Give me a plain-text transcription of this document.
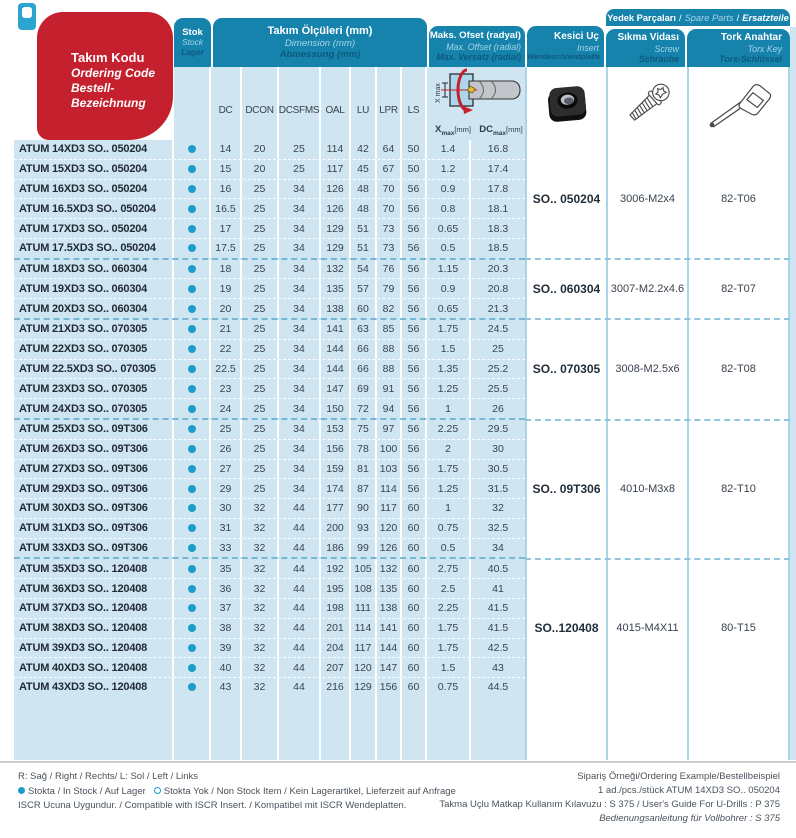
Yedek Parçaları / Spare Parts / Ersatzteile
Stok
Stock
Lager
Takım Ölçüleri (mm)
Dimension (mm)
Abmessung (mm)
Maks. Ofset (radyal)
Max. Offset (radial)
Max. Versatz (radial)
Kesici Uç
Insert
Wendeschneidplatte
Sıkma Vidası
Screw
Schraube
Tork Anahtar
Torx Key
Torx-Schlüssel
Takım Kodu
Ordering Code
Bestell-Bezeichnung
DC	DCON DCSFMS OAL	LU	LPR LS
X max
$X_{max}[mm]$ $DC_{max}[mm]$
ATUM 14XD3 SO.. 050204	14	20	25	114	42	64	50	1.4	16.8
ATUM 15XD3 SO.. 050204	15	20	25	117	45	67	50	1.2	17.4
ATUM 16XD3 SO.. 050204	16	25	34	126	48	70	56	0.9	17.8
ATUM 16.5XD3 SO.. 050204	16.5	25	34	126	48	70	56	0.8	18.1
ATUM 17XD3 SO.. 050204	17	25	34	129	51	73	56	0.65	18.3
ATUM 17.5XD3 SO.. 050204	17.5	25	34	129	51	73	56	0.5	18.5
ATUM 18XD3 SO.. 060304	18	25	34	132	54	76	56	1.15	20.3
ATUM 19XD3 SO.. 060304	19	25	34	135	57	79	56	0.9	20.8
ATUM 20XD3 SO.. 060304	20	25	34	138	60	82	56	0.65	21.3
ATUM 21XD3 SO.. 070305	21	25	34	141	63	85	56	1.75	24.5
ATUM 22XD3 SO.. 070305	22	25	34	144	66	88	56	1.5	25
ATUM 22.5XD3 SO.. 070305	22.5	25	34	144	66	88	56	1.35	25.2
ATUM 23XD3 SO.. 070305	23	25	34	147	69	91	56	1.25	25.5
ATUM 24XD3 SO.. 070305	24	25	34	150	72	94	56	1	26
ATUM 25XD3 SO.. 09T306	25	25	34	153	75	97	56	2.25	29.5
ATUM 26XD3 SO.. 09T306	26	25	34	156	78	100 56	2	30
ATUM 27XD3 SO.. 09T306	27	25	34	159	81	103 56	1.75	30.5
ATUM 29XD3 SO.. 09T306	29	25	34	174	87	114	56	1.25	31.5
ATUM 30XD3 SO.. 09T306	30	32	44	177	90	117	60	1	32
ATUM 31XD3 SO.. 09T306	31	32	44	200	93	120 60	0.75	32.5
ATUM 33XD3 SO.. 09T306	33	32	44	186	99	126 60	0.5	34
ATUM 35XD3 SO.. 120408	35	32	44	192 105 132 60	2.75	40.5
ATUM 36XD3 SO.. 120408	36	32	44	195 108 135 60	2.5	41
ATUM 37XD3 SO.. 120408	37	32	44	198	111 138 60	2.25	41.5
ATUM 38XD3 SO.. 120408	38	32	44	201	114 141 60	1.75	41.5
ATUM 39XD3 SO.. 120408	39	32	44	204	117 144 60	1.75	42.5
ATUM 40XD3 SO.. 120408	40	32	44	207 120 147 60	1.5	43
ATUM 43XD3 SO.. 120408	43	32	44	216 129 156 60	0.75	44.5
SO.. 050204	3006-M2x4	82-T06
SO.. 060304 3007-M2.2x4.6	82-T07
SO.. 070305	3008-M2.5x6	82-T08
SO.. 09T306	4010-M3x8	82-T10
SO..120408	4015-M4X11	80-T15
R: Sağ / Right / Rechts/ L: Sol / Left / Links
Stokta / In Stock / Auf Lager Stokta Yok / Non Stock Item / Kein Lagerartikel, Lieferzeit auf Anfrage
ISCR Ucuna Uygundur. / Compatible with ISCR Insert. / Kompatibel mit ISCR Wendeplatten.
Sipariş Örneği/Ordering Example/Bestellbeispiel
1 ad./pcs./stück ATUM 14XD3 SO.. 050204
Takma Uçlu Matkap Kullanım Kılavuzu : S 375 / User's Guide For U-Drills : P 375
Bedienungsanleitung für Vollbohrer : S 375
